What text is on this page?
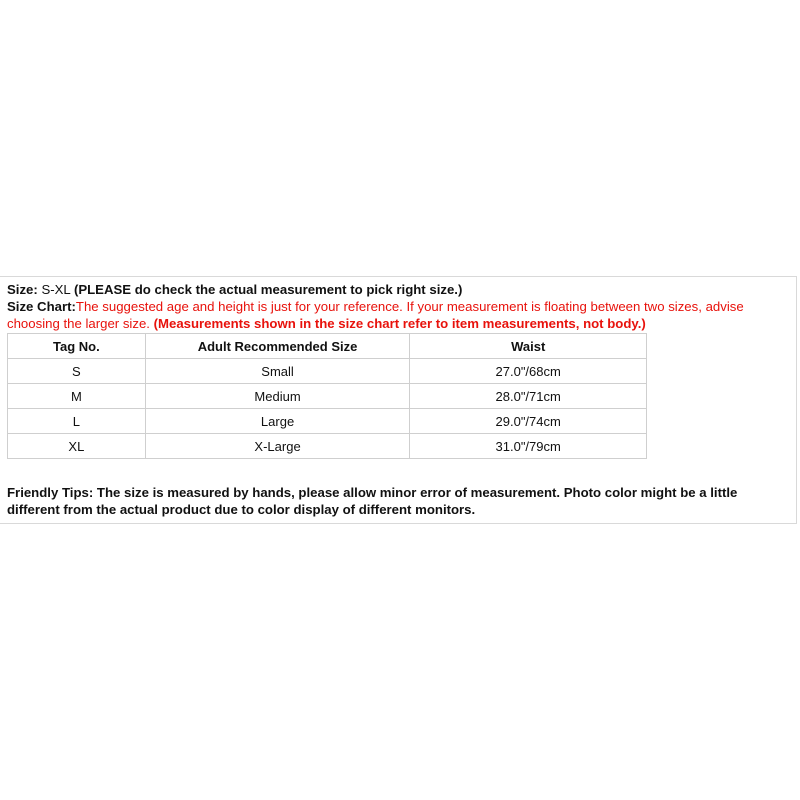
Size: S-XL (PLEASE do check the actual measurement to pick right size.)
Size Chart:The suggested age and height is just for your reference. If your measurement is floating between two sizes, advise
choosing the larger size. (Measurements shown in the size chart refer to item measurements, not body.)
Tag No.	Adult Recommended Size	Waist
S	Small	27.0"/68cm
M	Medium	28.0"/71cm
L	Large	29.0"/74cm
XL	X-Large	31.0"/79cm
Friendly Tips: The size is measured by hands, please allow minor error of measurement. Photo color might be a little different from the actual product due to color display of different monitors.
